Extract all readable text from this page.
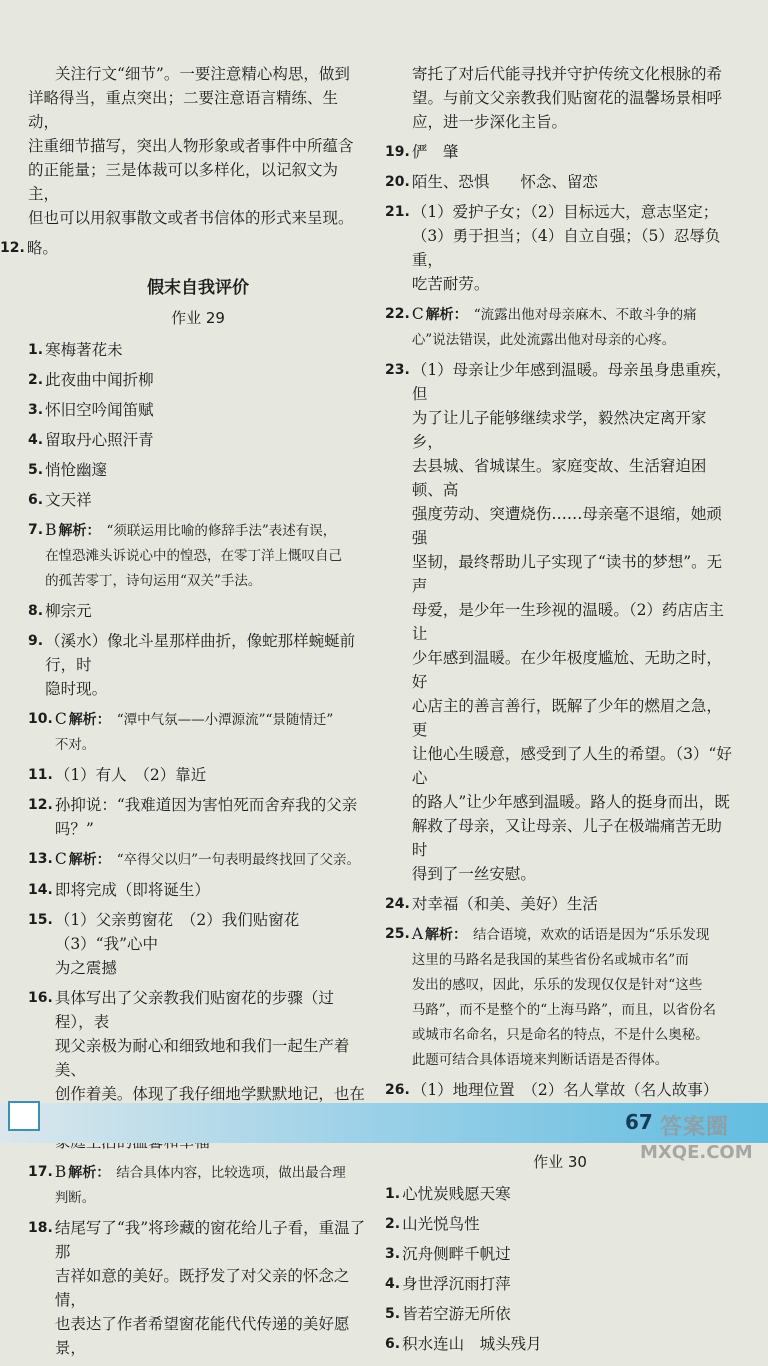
关注行文“细节”。一要注意精心构思，做到
详略得当，重点突出；二要注意语言精练、生动，
注重细节描写，突出人物形象或者事件中所蕴含
的正能量；三是体裁可以多样化，以记叙文为主，
但也可以用叙事散文或者书信体的形式来呈现。
12. 略。
假末自我评价
作业 29
1. 寒梅著花未
2. 此夜曲中闻折柳
3. 怀旧空吟闻笛赋
4. 留取丹心照汗青
5. 悄怆幽邃
6. 文天祥
7. B 解析： “须联运用比喻的修辞手法”表述有误，
在惶恐滩头诉说心中的惶恐，在零丁洋上慨叹自己
的孤苦零丁，诗句运用“双关”手法。
8. 柳宗元
9. （溪水）像北斗星那样曲折，像蛇那样蜿蜒前行，时
隐时现。
10. C 解析： “潭中气氛——小潭源流”“景随情迁”
不对。
11. （1）有人　（2）靠近
12. 孙抑说：“我难道因为害怕死而舍弃我的父亲吗？”
13. C 解析： “卒得父以归”一句表明最终找回了父亲。
14. 即将完成（即将诞生）
15. （1）父亲剪窗花　（2）我们贴窗花　（3）“我”心中
为之震撼
16. 具体写出了父亲教我们贴窗花的步骤（过程），表
现父亲极为耐心和细致地和我们一起生产着美、
创作着美。体现了我仔细地学默默地记，也在

17. B 解析： 结合具体内容，比较选项，做出最合理
判断。
18. 结尾写了“我”将珍藏的窗花给儿子看，重温了那
吉祥如意的美好。既抒发了对父亲的怀念之情，
也表达了作者希望窗花能代代传递的美好愿景，
寄托了对后代能寻找并守护传统文化根脉的希
望。与前文父亲教我们贴窗花的温馨场景相呼
应，进一步深化主旨。
19. 俨　肇
20. 陌生、恐惧　　怀念、留恋
21. （1）爱护子女；（2）目标远大，意志坚定；
（3）勇于担当；（4）自立自强；（5）忍辱负重，
吃苦耐劳。
22. C 解析： “流露出他对母亲麻木、不敢斗争的痛
心”说法错误，此处流露出他对母亲的心疼。
23. （1）母亲让少年感到温暖。母亲虽身患重疾，但
为了让儿子能够继续求学，毅然决定离开家乡，
去县城、省城谋生。家庭变故、生活窘迫困顿、高
强度劳动、突遭烧伤……母亲毫不退缩，她顽强
坚韧，最终帮助儿子实现了“读书的梦想”。无声
母爱，是少年一生珍视的温暖。（2）药店店主让
少年感到温暖。在少年极度尴尬、无助之时，好
心店主的善言善行，既解了少年的燃眉之急，更
让他心生暖意，感受到了人生的希望。（3）“好心
的路人”让少年感到温暖。路人的挺身而出，既
解救了母亲，又让母亲、儿子在极端痛苦无助时
得到了一丝安慰。
24. 对幸福（和美、美好）生活
25. A 解析： 结合语境，欢欢的话语是因为“乐乐发现
这里的马路名是我国的某些省份名或城市名”而
发出的感叹，因此，乐乐的发现仅仅是针对“这些
马路”，而不是整个的“上海马路”，而且，以省份名
或城市名命名，只是命名的特点，不是什么奥秘。
此题可结合具体语境来判断话语是否得体。
26. （1）地理位置　（2）名人掌故（名人故事）
作业 30
1. 心忧炭贱愿天寒
2. 山光悦鸟性
3. 沉舟侧畔千帆过
4. 身世浮沉雨打萍
5. 皆若空游无所依
6. 积水连山　城头残月
67 答案圈
MXQE.COM
